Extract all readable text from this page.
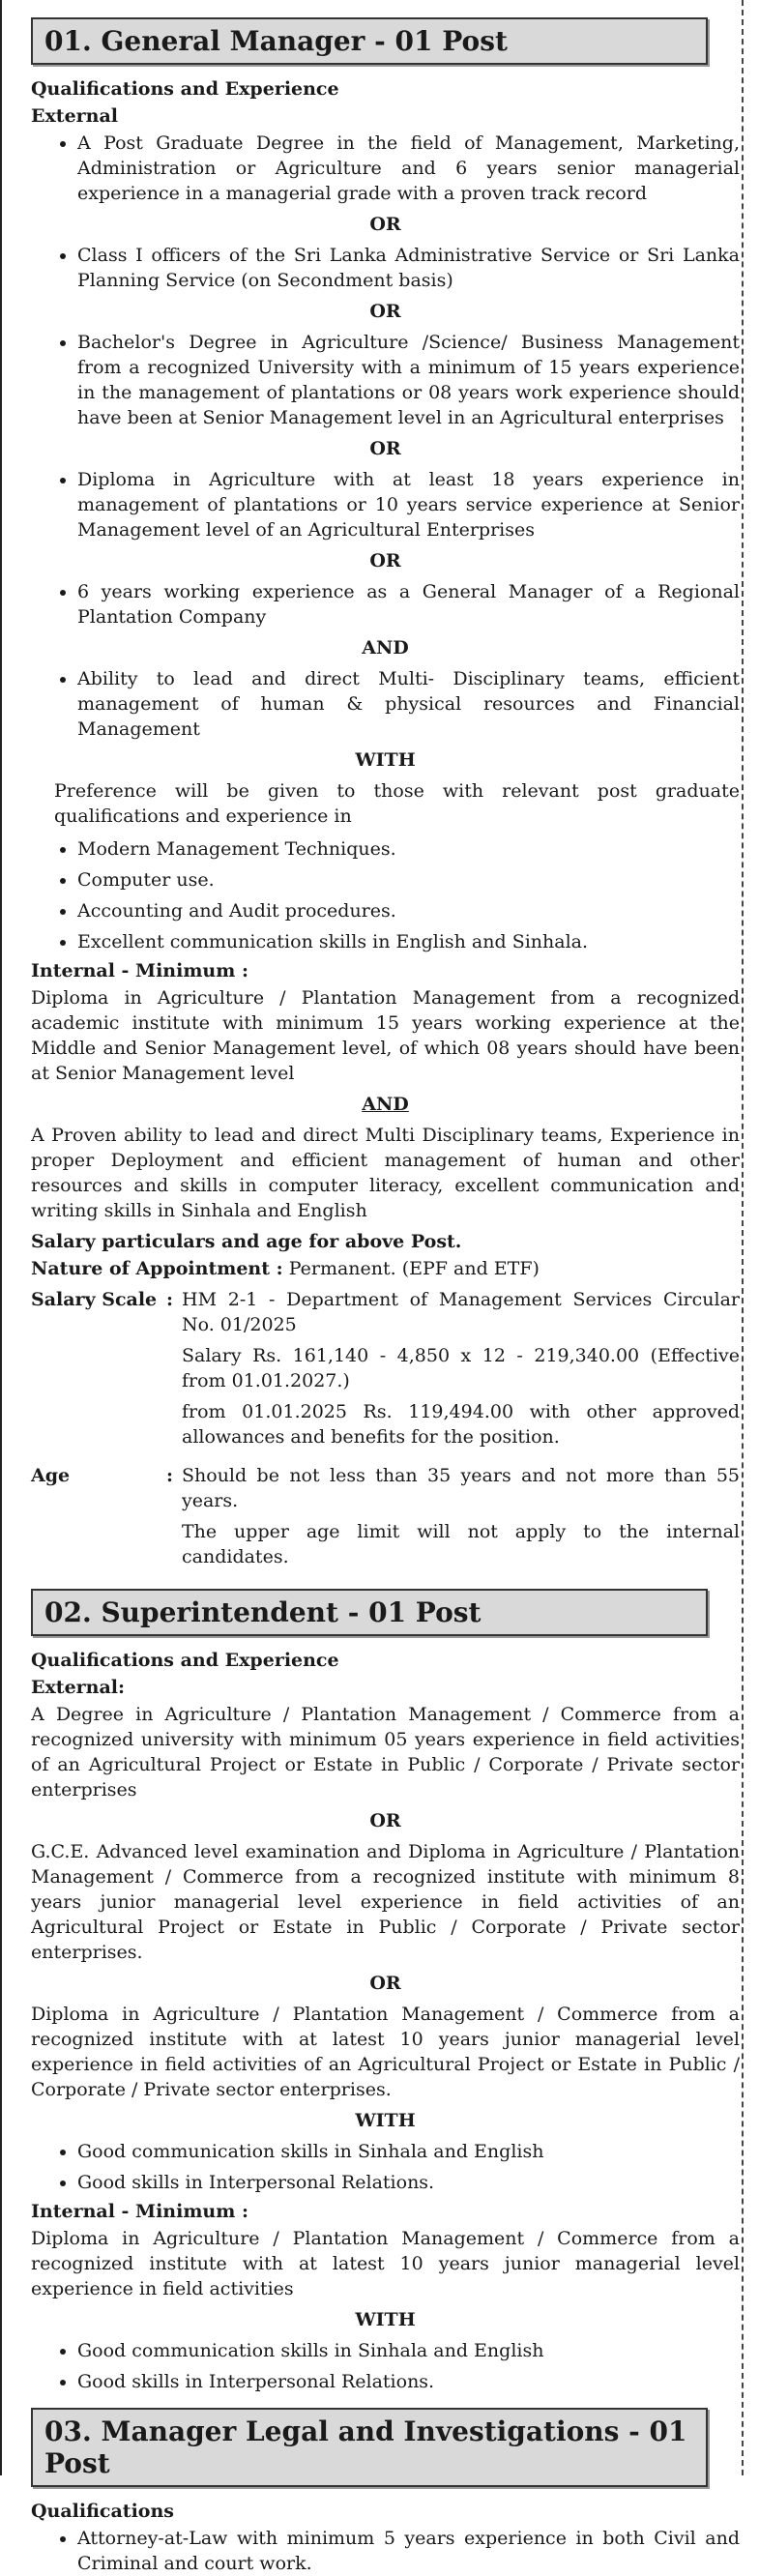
01. General Manager - 01 Post
Qualifications and Experience
External
• A Post Graduate Degree in the field of Management, Marketing, Administration or Agriculture and 6 years senior managerial experience in a managerial grade with a proven track record
OR
• Class I officers of the Sri Lanka Administrative Service or Sri Lanka Planning Service (on Secondment basis)
OR
• Bachelor's Degree in Agriculture /Science/ Business Management from a recognized University with a minimum of 15 years experience in the management of plantations or 08 years work experience should have been at Senior Management level in an Agricultural enterprises
OR
• Diploma in Agriculture with at least 18 years experience in management of plantations or 10 years service experience at Senior Management level of an Agricultural Enterprises
OR
• 6 years working experience as a General Manager of a Regional Plantation Company
AND
• Ability to lead and direct Multi- Disciplinary teams, efficient management of human & physical resources and Financial Management
WITH

Preference will be given to those with relevant post graduate qualifications and experience in

• Modern Management Techniques.
• Computer use.
• Accounting and Audit procedures.
• Excellent communication skills in English and Sinhala.
Internal - Minimum :

Diploma in Agriculture / Plantation Management from a recognized academic institute with minimum 15 years working experience at the Middle and Senior Management level, of which 08 years should have been at Senior Management level

AND

A Proven ability to lead and direct Multi Disciplinary teams, Experience in proper Deployment and efficient management of human and other resources and skills in computer literacy, excellent communication and writing skills in Sinhala and English

Salary particulars and age for above Post.
Nature of Appointment : Permanent. (EPF and ETF)
Salary Scale : HM 2-1 - Department of Management Services Circular No. 01/2025
Salary Rs. 161,140 - 4,850 x 12 - 219,340.00 (Effective from 01.01.2027.)
from 01.01.2025 Rs. 119,494.00 with other approved allowances and benefits for the position.
Age	: Should be not less than 35 years and not more than 55 years.
The upper age limit will not apply to the internal candidates.
02. Superintendent - 01 Post
Qualifications and Experience
External:

A Degree in Agriculture / Plantation Management / Commerce from a recognized university with minimum 05 years experience in field activities of an Agricultural Project or Estate in Public / Corporate / Private sector enterprises

OR

G.C.E. Advanced level examination and Diploma in Agriculture / Plantation Management / Commerce from a recognized institute with minimum 8 years junior managerial level experience in field activities of an Agricultural Project or Estate in Public / Corporate / Private sector enterprises.

OR

Diploma in Agriculture / Plantation Management / Commerce from a recognized institute with at latest 10 years junior managerial level experience in field activities of an Agricultural Project or Estate in Public / Corporate / Private sector enterprises.

WITH
• Good communication skills in Sinhala and English
• Good skills in Interpersonal Relations.
Internal - Minimum :

Diploma in Agriculture / Plantation Management / Commerce from a recognized institute with at latest 10 years junior managerial level experience in field activities

WITH
• Good communication skills in Sinhala and English
• Good skills in Interpersonal Relations.
03. Manager Legal and Investigations - 01 Post
Qualifications
• Attorney-at-Law with minimum 5 years experience in both Civil and Criminal and court work.
